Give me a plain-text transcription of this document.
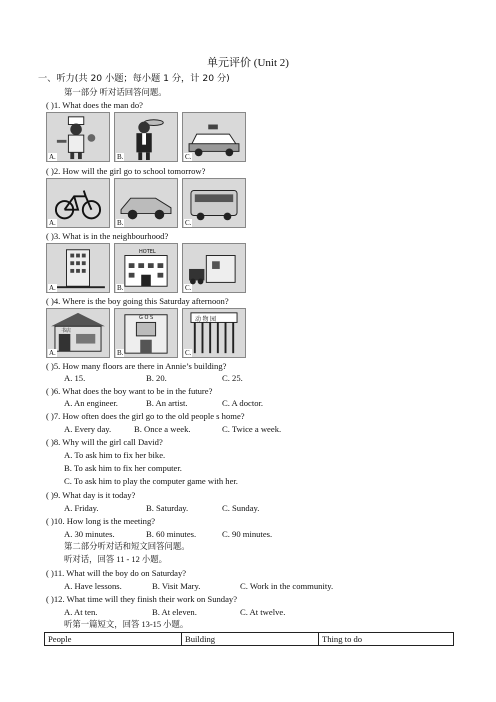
单元评价 (Unit 2)
一、听力(共 20 小题；每小题 1 分，计 20 分)
第一部分 听对话回答问题。
( )1. What does the man do?
A.	B.	C.
( )2. How will the girl go to school tomorrow?
A.	B.	C.
( )3. What is in the neighbourhood?
A.
HOTEL
B.	C.
( )4. Where is the boy going this Saturday afternoon?
书店
A.
G O S
B.
动 物 园
C.
( )5. How many floors are there in Annie’s building?
A. 15.	B. 20.	C. 25.
( )6. What does the boy want to be in the future?
A. An engineer.	B. An artist.	C. A doctor.
( )7. How often does the girl go to the old people s home?
A. Every day.	B. Once a week.	C. Twice a week.
( )8. Why will the girl call David?
A. To ask him to fix her bike.
B. To ask him to fix her computer.
C. To ask him to play the computer game with her.
( )9. What day is it today?
A. Friday.	B. Saturday.	C. Sunday.
( )10. How long is the meeting?
A. 30 minutes.	B. 60 minutes.	C. 90 minutes.
第二部分听对话和短文回答问题。
听对话，回答 11 - 12 小题。
( )11. What will the boy do on Saturday?
A. Have lessons.	B. Visit Mary.	C. Work in the community.
( )12. What time will they finish their work on Sunday?
A. At ten.	B. At eleven.	C. At twelve.
听第一篇短文，回答 13-15 小题。
People	Building	Thing to do
